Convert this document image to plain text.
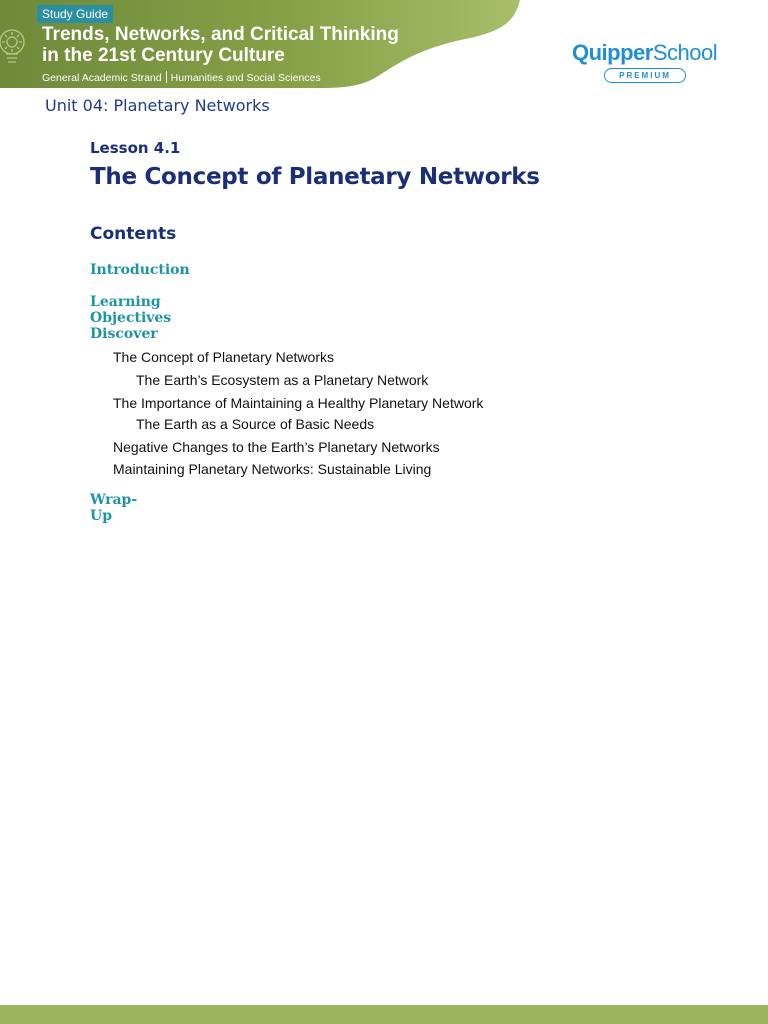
Study Guide
Trends, Networks, and Critical Thinking
in the 21st Century Culture
General Academic Strand Humanities and Social Sciences
QuipperSchool
PREMIUM
Unit 04: Planetary Networks
Lesson 4.1
The Concept of Planetary Networks
Contents
Introduction
Learning Objectives
Discover
The Concept of Planetary Networks
The Earth’s Ecosystem as a Planetary Network
The Importance of Maintaining a Healthy Planetary Network
The Earth as a Source of Basic Needs
Negative Changes to the Earth’s Planetary Networks
Maintaining Planetary Networks: Sustainable Living
Wrap-Up
